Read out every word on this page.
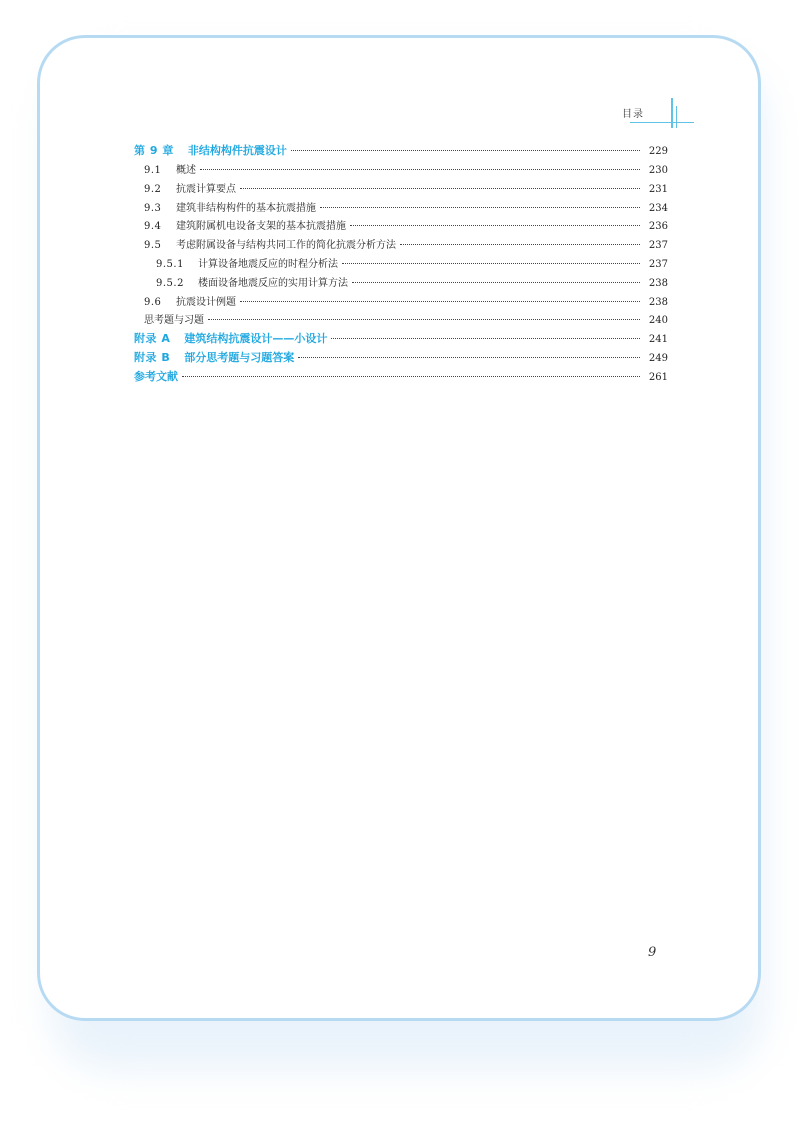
目录
第 9 章 非结构构件抗震设计	229
9.1	概述	230
9.2	抗震计算要点	231
9.3	建筑非结构构件的基本抗震措施	234
9.4	建筑附属机电设备支架的基本抗震措施	236
9.5	考虑附属设备与结构共同工作的简化抗震分析方法	237
9.5.1	计算设备地震反应的时程分析法	237
9.5.2	楼面设备地震反应的实用计算方法	238
9.6	抗震设计例题	238
思考题与习题	240
附录 A 建筑结构抗震设计——小设计	241
附录 B 部分思考题与习题答案	249
参考文献	261
9
